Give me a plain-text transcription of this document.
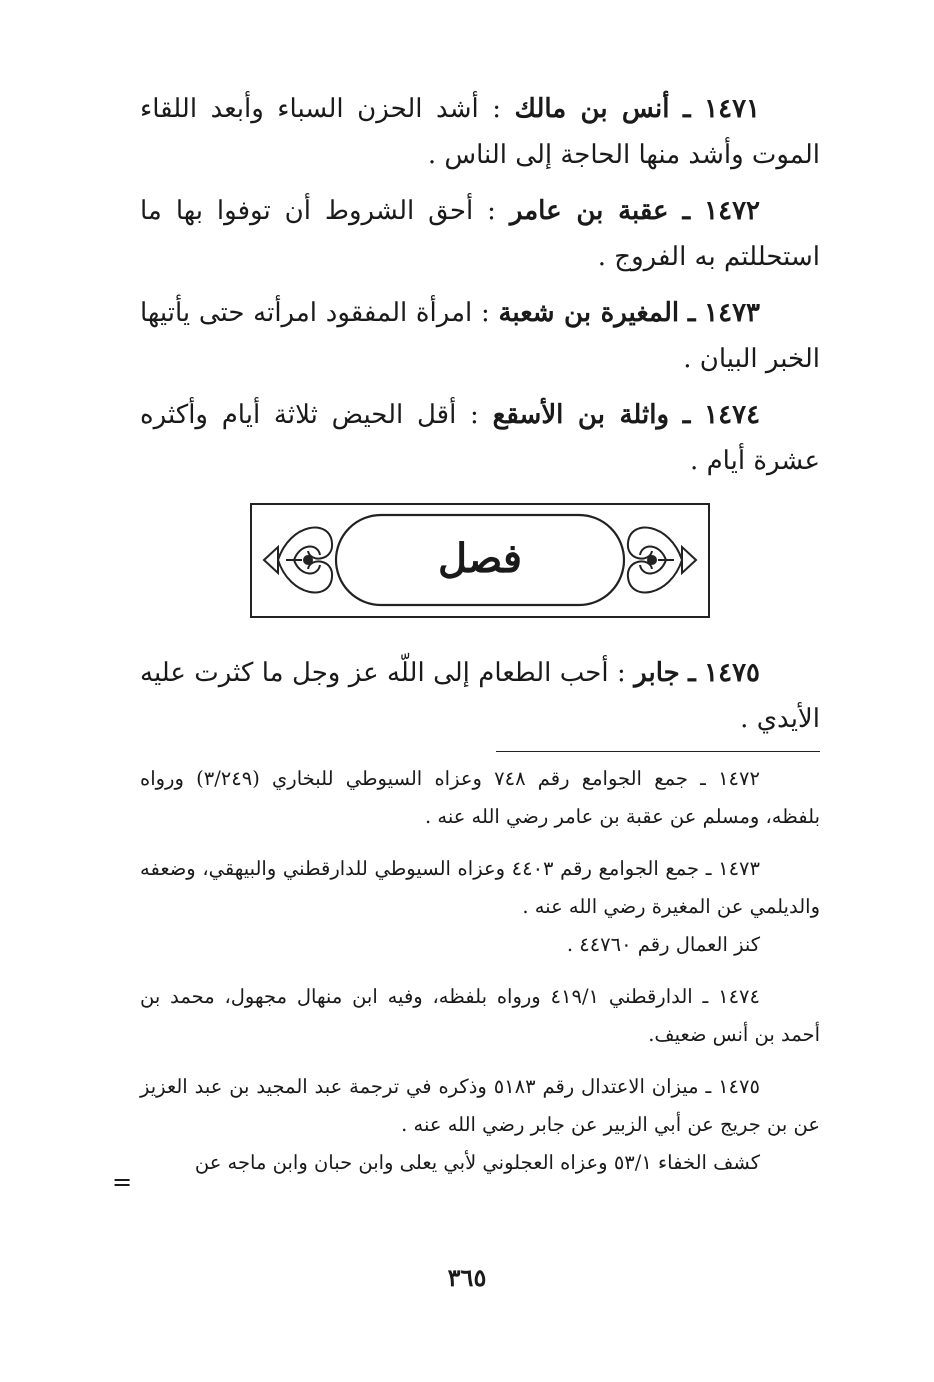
١٤٧١ ـ أنس بن مالك : أشد الحزن السباء وأبعد اللقاء الموت وأشد منها الحاجة إلى الناس .

١٤٧٢ ـ عقبة بن عامر : أحق الشروط أن توفوا بها ما استحللتم به الفروج .

١٤٧٣ ـ المغيرة بن شعبة : امرأة المفقود امرأته حتى يأتيها الخبر البيان .

١٤٧٤ ـ واثلة بن الأسقع : أقل الحيض ثلاثة أيام وأكثره عشرة أيام .

فصل

١٤٧٥ ـ جابر : أحب الطعام إلى اللّه عز وجل ما كثرت عليه الأيدي .

١٤٧٢ ـ جمع الجوامع رقم ٧٤٨ وعزاه السيوطي للبخاري (٣/٢٤٩) ورواه بلفظه، ومسلم عن عقبة بن عامر رضي الله عنه .

١٤٧٣ ـ جمع الجوامع رقم ٤٤٠٣ وعزاه السيوطي للدارقطني والبيهقي، وضعفه والديلمي عن المغيرة رضي الله عنه .

كنز العمال رقم ٤٤٧٦٠ .

١٤٧٤ ـ الدارقطني ٤١٩/١ ورواه بلفظه، وفيه ابن منهال مجهول، محمد بن أحمد بن أنس ضعيف.

١٤٧٥ ـ ميزان الاعتدال رقم ٥١٨٣ وذكره في ترجمة عبد المجيد بن عبد العزيز عن بن جريج عن أبي الزبير عن جابر رضي الله عنه .

كشف الخفاء ٥٣/١ وعزاه العجلوني لأبي يعلى وابن حبان وابن ماجه عن

=
٣٦٥
